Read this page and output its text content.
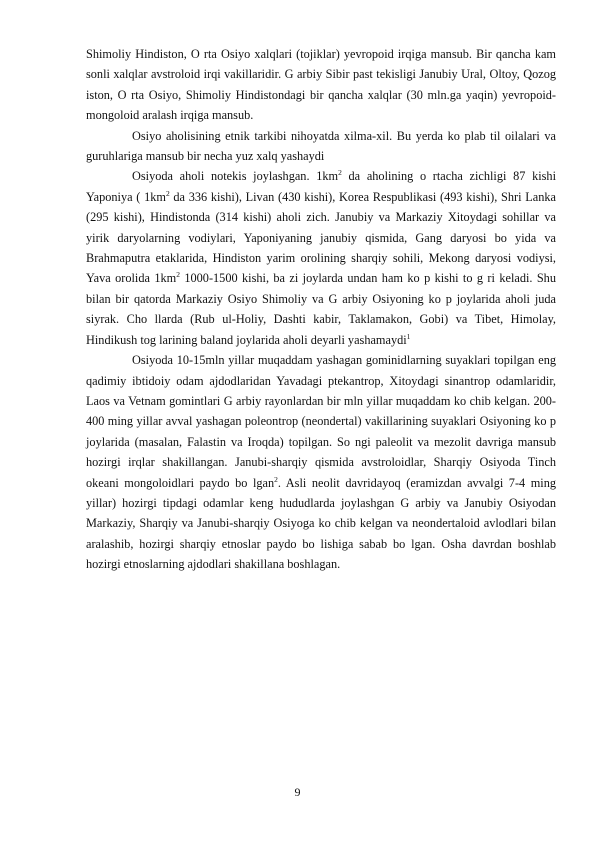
Shimoliy Hindiston, O rta Osiyo xalqlari (tojiklar) yevropoid irqiga mansub. Bir qancha kam sonli xalqlar avstroloid irqi vakillaridir. G arbiy Sibir past tekisligi Janubiy Ural, Oltoy, Qozog iston, O rta Osiyo, Shimoliy Hindistondagi bir qancha xalqlar (30 mln.ga yaqin) yevropoid-mongoloid aralash irqiga mansub.

Osiyo aholisining etnik tarkibi nihoyatda xilma-xil. Bu yerda ko plab til oilalari va guruhlariga mansub bir necha yuz xalq yashaydi

Osiyoda aholi notekis joylashgan. $1km^2$ da aholining o rtacha zichligi 87 kishi Yaponiya ( $1km^2$ da 336 kishi), Livan (430 kishi), Korea Respublikasi (493 kishi), Shri Lanka (295 kishi), Hindistonda (314 kishi) aholi zich. Janubiy va Markaziy Xitoydagi sohillar va yirik daryolarning vodiylari, Yaponiyaning janubiy qismida, Gang daryosi bo yida va Brahmaputra etaklarida, Hindiston yarim orolining sharqiy sohili, Mekong daryosi vodiysi, Yava orolida $1km^2$ 1000-1500 kishi, ba zi joylarda undan ham ko p kishi to g ri keladi. Shu bilan bir qatorda Markaziy Osiyo Shimoliy va G arbiy Osiyoning ko p joylarida aholi juda siyrak. Cho llarda (Rub ul-Holiy, Dashti kabir, Taklamakon, Gobi) va Tibet, Himolay, Hindikush tog larining baland joylarida aholi deyarli yashamaydi$^1$

Osiyoda 10-15mln yillar muqaddam yashagan gominidlarning suyaklari topilgan eng qadimiy ibtidoiy odam ajdodlaridan Yavadagi ptekantrop, Xitoydagi sinantrop odamlaridir, Laos va Vetnam gomintlari G arbiy rayonlardan bir mln yillar muqaddam ko chib kelgan. 200-400 ming yillar avval yashagan poleontrop (neondertal) vakillarining suyaklari Osiyoning ko p joylarida (masalan, Falastin va Iroqda) topilgan. So ngi paleolit va mezolit davriga mansub hozirgi irqlar shakillangan. Janubi-sharqiy qismida avstroloidlar, Sharqiy Osiyoda Tinch okeani mongoloidlari paydo bo lgan$^2$. Asli neolit davridayoq (eramizdan avvalgi 7-4 ming yillar) hozirgi tipdagi odamlar keng hududlarda joylashgan G arbiy va Janubiy Osiyodan Markaziy, Sharqiy va Janubi-sharqiy Osiyoga ko chib kelgan va neondertaloid avlodlari bilan aralashib, hozirgi sharqiy etnoslar paydo bo lishiga sabab bo lgan. Osha davrdan boshlab hozirgi etnoslarning ajdodlari shakillana boshlagan.

9
